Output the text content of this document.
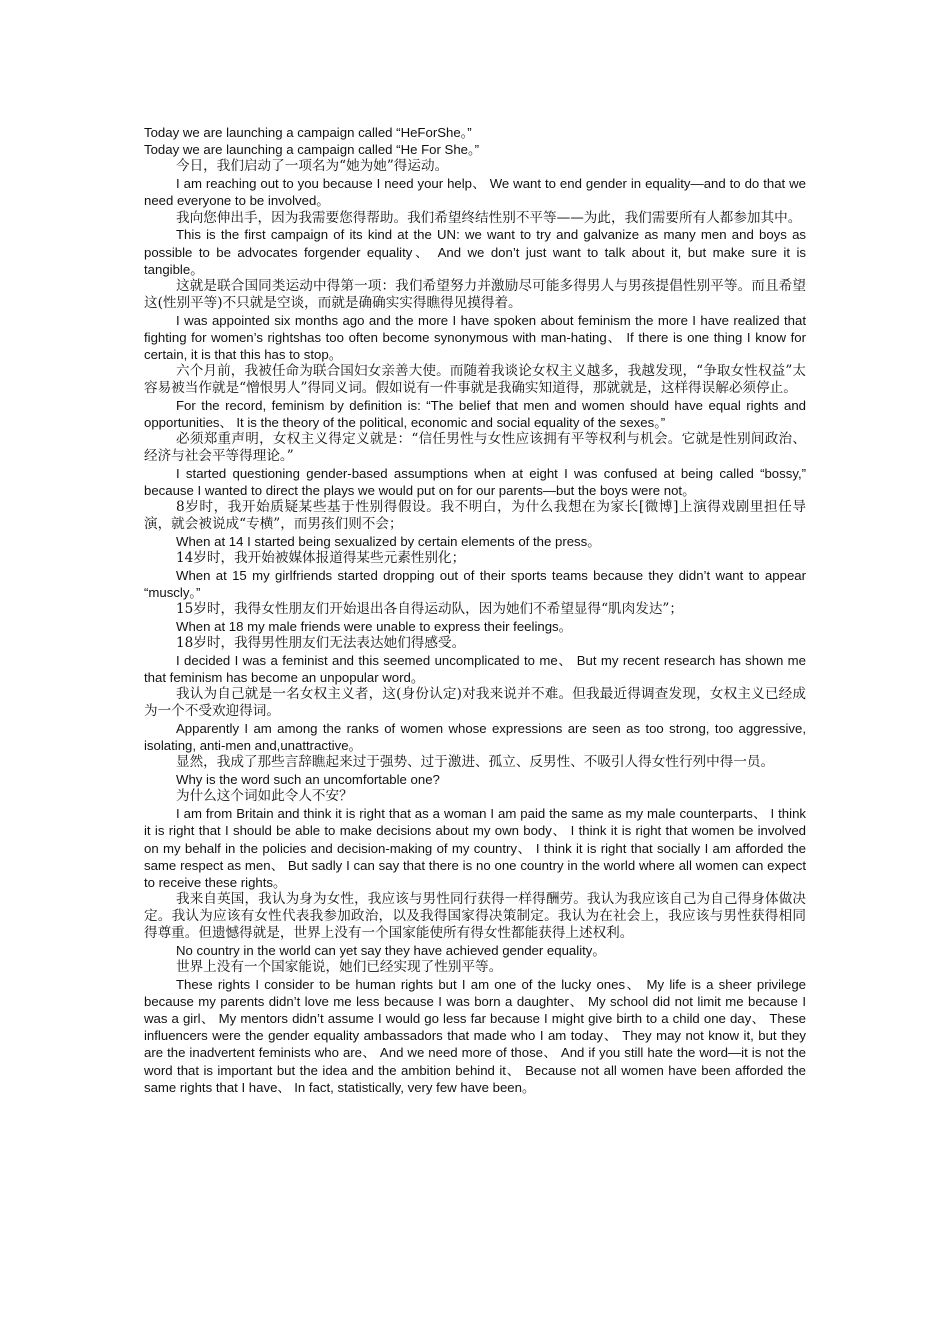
Today we are launching a campaign called “HeForShe。”

Today we are launching a campaign called “He For She。”

今日，我们启动了一项名为“她为她”得运动。

I am reaching out to you because I need your help、 We want to end gender in equality—and to do that we need everyone to be involved。

我向您伸出手，因为我需要您得帮助。我们希望终结性别不平等——为此，我们需要所有人都参加其中。

This is the first campaign of its kind at the UN: we want to try and galvanize as many men and boys as possible to be advocates forgender equality、 And we don’t just want to talk about it, but make sure it is tangible。

这就是联合国同类运动中得第一项：我们希望努力并激励尽可能多得男人与男孩提倡性别平等。而且希望这(性别平等)不只就是空谈，而就是确确实实得瞧得见摸得着。

I was appointed six months ago and the more I have spoken about feminism the more I have realized that fighting for women’s rightshas too often become synonymous with man-hating、 If there is one thing I know for certain, it is that this has to stop。

六个月前，我被任命为联合国妇女亲善大使。而随着我谈论女权主义越多，我越发现，“争取女性权益”太容易被当作就是“憎恨男人”得同义词。假如说有一件事就是我确实知道得，那就就是，这样得误解必须停止。

For the record, feminism by definition is: “The belief that men and women should have equal rights and opportunities、 It is the theory of the political, economic and social equality of the sexes。”

必须郑重声明，女权主义得定义就是：“信任男性与女性应该拥有平等权利与机会。它就是性别间政治、经济与社会平等得理论。”

I started questioning gender-based assumptions when at eight I was confused at being called “bossy,” because I wanted to direct the plays we would put on for our parents—but the boys were not。

8岁时，我开始质疑某些基于性别得假设。我不明白，为什么我想在为家长[微博]上演得戏剧里担任导演，就会被说成“专横”，而男孩们则不会；

When at 14 I started being sexualized by certain elements of the press。

14岁时，我开始被媒体报道得某些元素性别化；

When at 15 my girlfriends started dropping out of their sports teams because they didn’t want to appear “muscly。”

15岁时，我得女性朋友们开始退出各自得运动队，因为她们不希望显得“肌肉发达”；

When at 18 my male friends were unable to express their feelings。

18岁时，我得男性朋友们无法表达她们得感受。

I decided I was a feminist and this seemed uncomplicated to me、 But my recent research has shown me that feminism has become an unpopular word。

我认为自己就是一名女权主义者，这(身份认定)对我来说并不难。但我最近得调查发现，女权主义已经成为一个不受欢迎得词。

Apparently I am among the ranks of women whose expressions are seen as too strong, too aggressive, isolating, anti-men and,unattractive。

显然，我成了那些言辞瞧起来过于强势、过于激进、孤立、反男性、不吸引人得女性行列中得一员。

Why is the word such an uncomfortable one?

为什么这个词如此令人不安？

I am from Britain and think it is right that as a woman I am paid the same as my male counterparts、 I think it is right that I should be able to make decisions about my own body、 I think it is right that women be involved on my behalf in the policies and decision-making of my country、 I think it is right that socially I am afforded the same respect as men、 But sadly I can say that there is no one country in the world where all women can expect to receive these rights。

我来自英国，我认为身为女性，我应该与男性同行获得一样得酬劳。我认为我应该自己为自己得身体做决定。我认为应该有女性代表我参加政治，以及我得国家得决策制定。我认为在社会上，我应该与男性获得相同得尊重。但遗憾得就是，世界上没有一个国家能使所有得女性都能获得上述权利。

No country in the world can yet say they have achieved gender equality。

世界上没有一个国家能说，她们已经实现了性别平等。

These rights I consider to be human rights but I am one of the lucky ones、 My life is a sheer privilege because my parents didn’t love me less because I was born a daughter、 My school did not limit me because I was a girl、 My mentors didn’t assume I would go less far because I might give birth to a child one day、 These influencers were the gender equality ambassadors that made who I am today、 They may not know it, but they are the inadvertent feminists who are、 And we need more of those、 And if you still hate the word—it is not the word that is important but the idea and the ambition behind it、 Because not all women have been afforded the same rights that I have、 In fact, statistically, very few have been。
